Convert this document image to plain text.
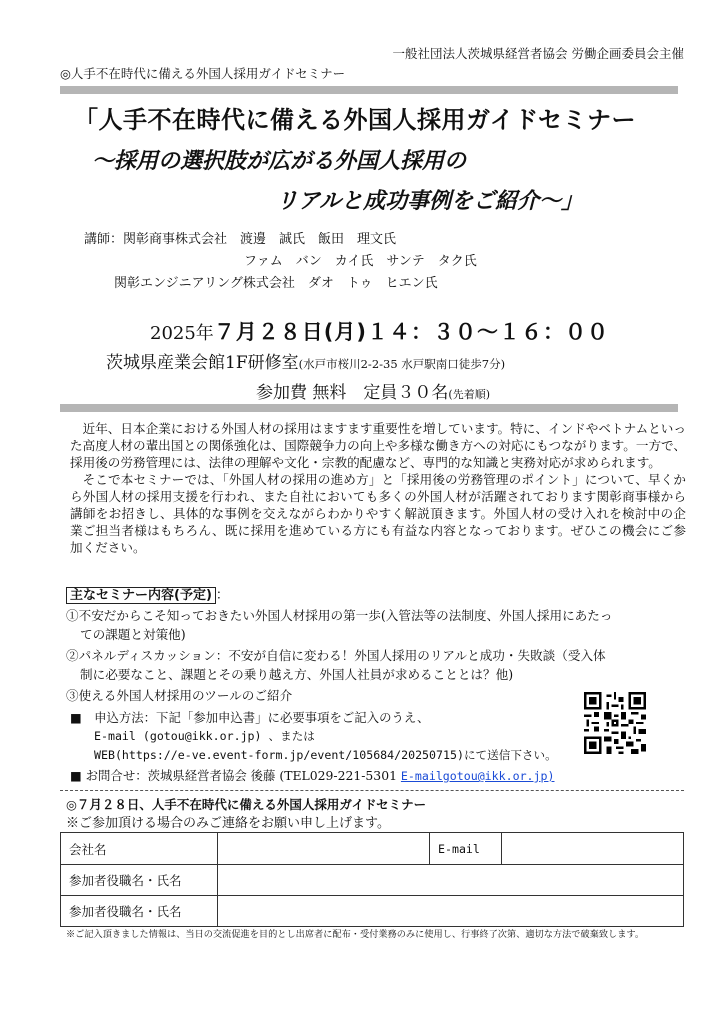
一般社団法人茨城県経営者協会 労働企画委員会主催
◎人手不在時代に備える外国人採用ガイドセミナー
「人手不在時代に備える外国人採用ガイドセミナー
～採用の選択肢が広がる外国人採用の
リアルと成功事例をご紹介～」
講師：関彰商事株式会社　渡邊　誠氏　飯田　理文氏
ファム　バン　カイ氏　サンテ　タク氏
関彰エンジニアリング株式会社　ダオ　トゥ　ヒエン氏
2025年７月２８日(月)１４：３０～１６：００
茨城県産業会館1F研修室(水戸市桜川2-2-35 水戸駅南口徒歩7分)
参加費 無料　定員３０名(先着順)

近年、日本企業における外国人材の採用はますます重要性を増しています。特に、インドやベトナムといった高度人材の輩出国との関係強化は、国際競争力の向上や多様な働き方への対応にもつながります。一方で、採用後の労務管理には、法律の理解や文化・宗教的配慮など、専門的な知識と実務対応が求められます。

そこで本セミナーでは、「外国人材の採用の進め方」と「採用後の労務管理のポイント」について、早くから外国人材の採用支援を行われ、また自社においても多くの外国人材が活躍されております関彰商事様から　講師をお招きし、具体的な事例を交えながらわかりやすく解説頂きます。外国人材の受け入れを検討中の企業ご担当者様はもちろん、既に採用を進めている方にも有益な内容となっております。ぜひこの機会にご参加ください。

主なセミナー内容(予定) ：
①不安だからこそ知っておきたい外国人材採用の第一歩(入管法等の法制度、外国人採用にあたっ
ての課題と対策他)
②パネルディスカッション：不安が自信に変わる！外国人採用のリアルと成功・失敗談（受入体
制に必要なこと、課題とその乗り越え方、外国人社員が求めることとは？他)
③使える外国人材採用のツールのご紹介
■　申込方法：下記「参加申込書」に必要事項をご記入のうえ、
E-mail (gotou@ikk.or.jp) 、または
WEB(https://e-ve.event-form.jp/event/105684/20250715)にて送信下さい。
■ お問合せ：茨城県経営者協会 後藤 (TEL029-221-5301 E-mailgotou@ikk.or.jp)
◎７月２８日、人手不在時代に備える外国人採用ガイドセミナー
※ご参加頂ける場合のみご連絡をお願い申し上げます。
会社名		E-mail	
参加者役職名・氏名			
参加者役職名・氏名			
※ご記入頂きました情報は、当日の交流促進を目的とし出席者に配布・受付業務のみに使用し、行事終了次第、適切な方法で破棄致します。
